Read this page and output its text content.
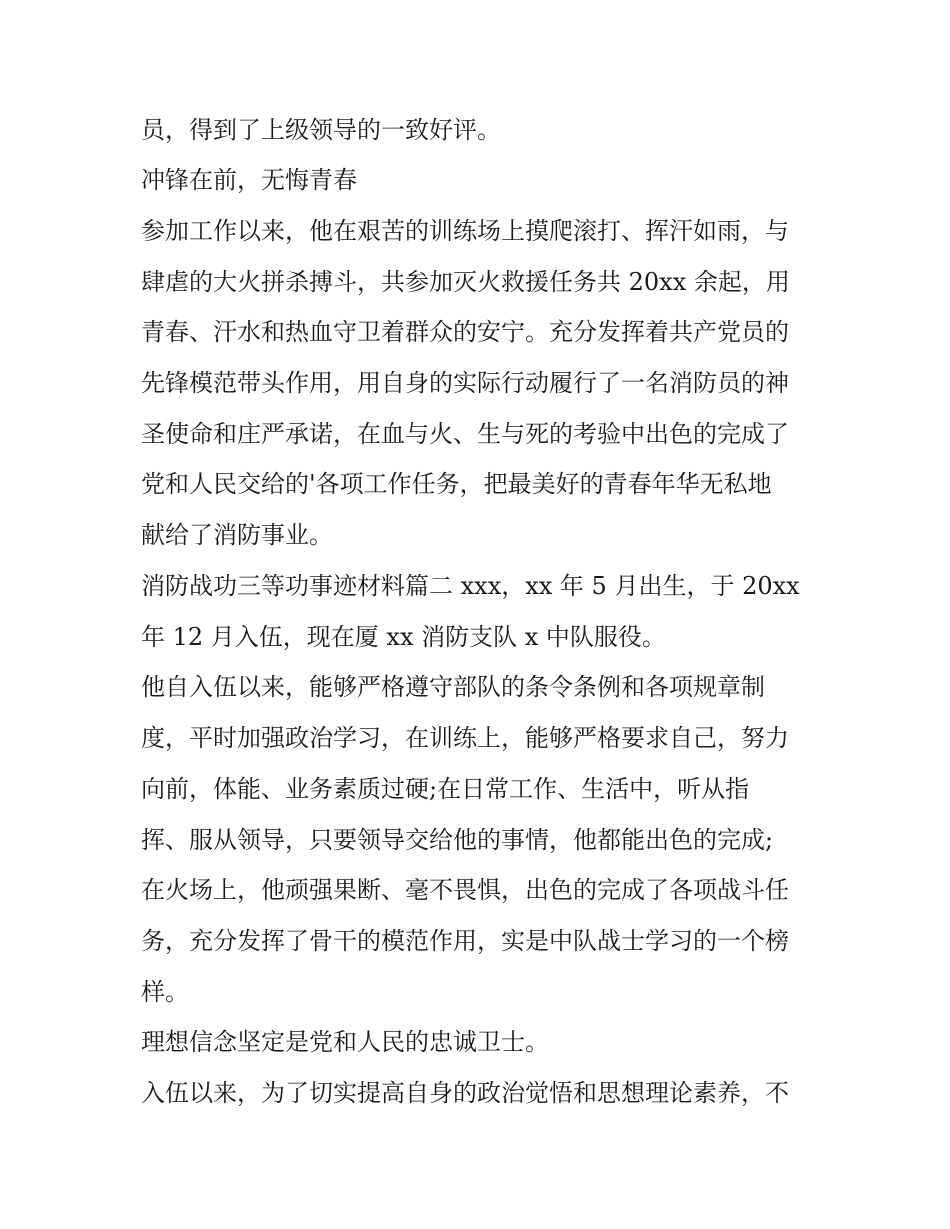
员，得到了上级领导的一致好评。
冲锋在前，无悔青春
参加工作以来，他在艰苦的训练场上摸爬滚打、挥汗如雨，与
肆虐的大火拼杀搏斗，共参加灭火救援任务共 20xx 余起，用
青春、汗水和热血守卫着群众的安宁。充分发挥着共产党员的
先锋模范带头作用，用自身的实际行动履行了一名消防员的神
圣使命和庄严承诺，在血与火、生与死的考验中出色的完成了
党和人民交给的'各项工作任务，把最美好的青春年华无私地
献给了消防事业。
消防战功三等功事迹材料篇二 xxx，xx 年 5 月出生，于 20xx
年 12 月入伍，现在厦 xx 消防支队 x 中队服役。
他自入伍以来，能够严格遵守部队的条令条例和各项规章制
度，平时加强政治学习，在训练上，能够严格要求自己，努力
向前，体能、业务素质过硬;在日常工作、生活中，听从指
挥、服从领导，只要领导交给他的事情，他都能出色的完成;
在火场上，他顽强果断、毫不畏惧，出色的完成了各项战斗任
务，充分发挥了骨干的模范作用，实是中队战士学习的一个榜
样。
理想信念坚定是党和人民的忠诚卫士。
入伍以来，为了切实提高自身的政治觉悟和思想理论素养，不
